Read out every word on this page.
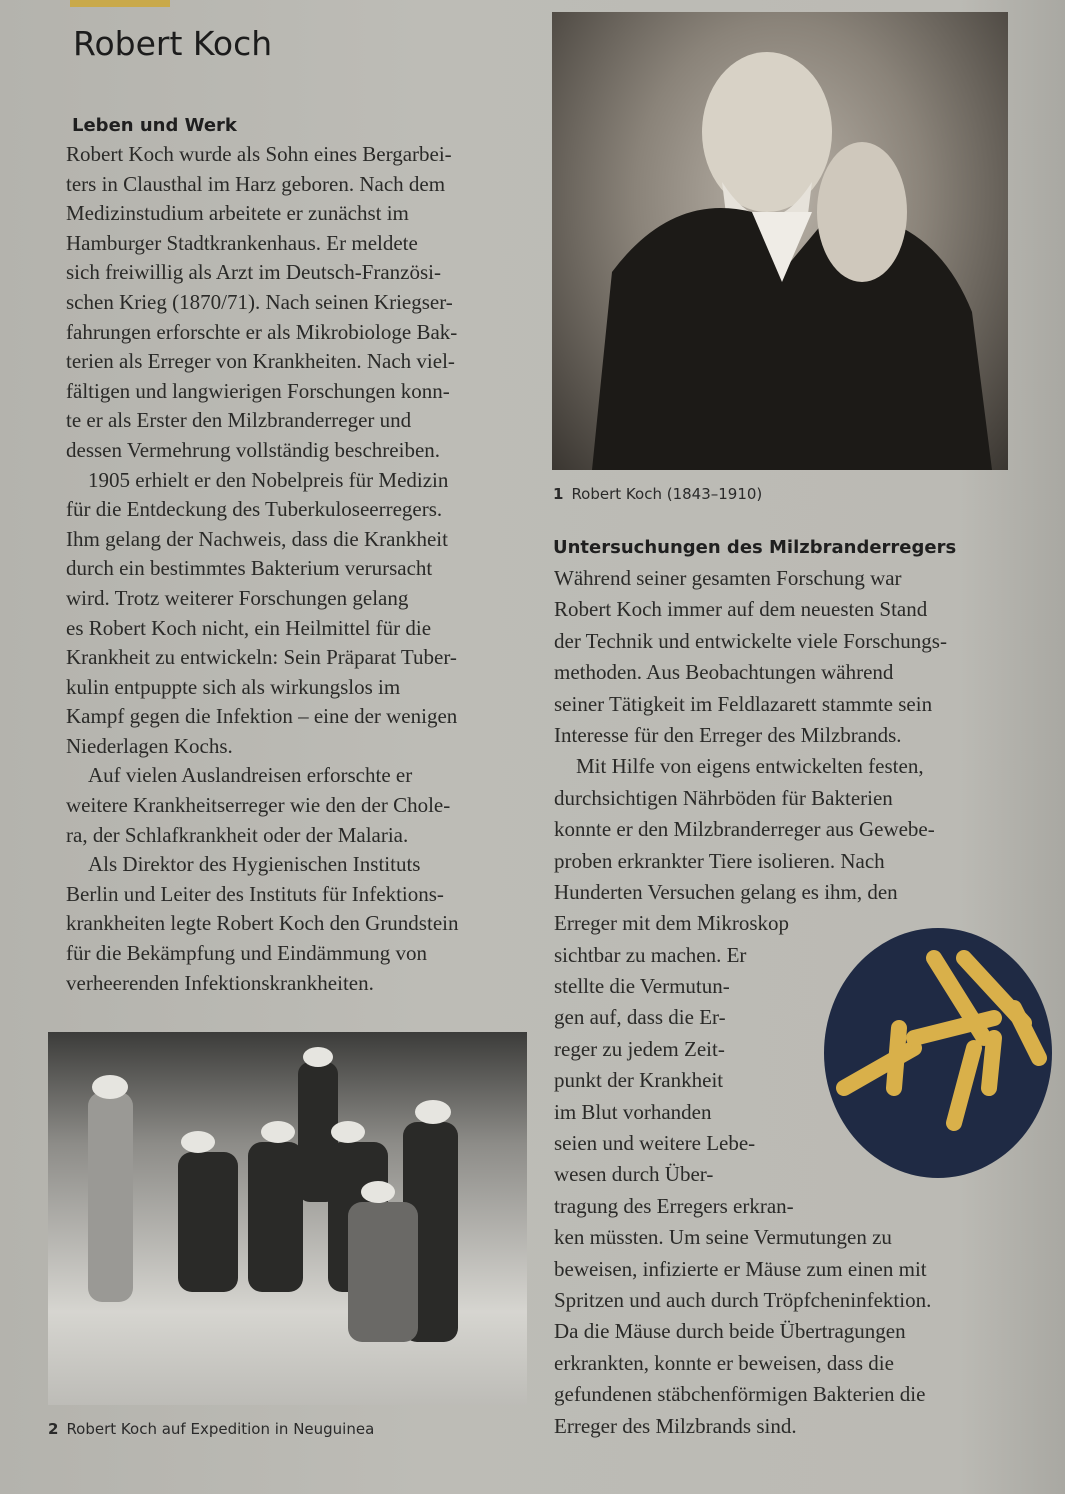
Robert Koch
Leben und Werk
Robert Koch wurde als Sohn eines Bergarbei-
ters in Clausthal im Harz geboren. Nach dem
Medizinstudium arbeitete er zunächst im
Hamburger Stadtkrankenhaus. Er meldete
sich freiwillig als Arzt im Deutsch-Französi-
schen Krieg (1870/71). Nach seinen Kriegser-
fahrungen erforschte er als Mikrobiologe Bak-
terien als Erreger von Krankheiten. Nach viel-
fältigen und langwierigen Forschungen konn-
te er als Erster den Milzbranderreger und
dessen Vermehrung vollständig beschreiben.
1905 erhielt er den Nobelpreis für Medizin
für die Entdeckung des Tuberkuloseerregers.
Ihm gelang der Nachweis, dass die Krankheit
durch ein bestimmtes Bakterium verursacht
wird. Trotz weiterer Forschungen gelang
es Robert Koch nicht, ein Heilmittel für die
Krankheit zu entwickeln: Sein Präparat Tuber-
kulin entpuppte sich als wirkungslos im
Kampf gegen die Infektion – eine der wenigen
Niederlagen Kochs.
Auf vielen Auslandreisen erforschte er
weitere Krankheitserreger wie den der Chole-
ra, der Schlafkrankheit oder der Malaria.
Als Direktor des Hygienischen Instituts
Berlin und Leiter des Instituts für Infektions-
krankheiten legte Robert Koch den Grundstein
für die Bekämpfung und Eindämmung von
verheerenden Infektionskrankheiten.
1 Robert Koch (1843–1910)
Untersuchungen des Milzbranderregers
Während seiner gesamten Forschung war
Robert Koch immer auf dem neuesten Stand
der Technik und entwickelte viele Forschungs-
methoden. Aus Beobachtungen während
seiner Tätigkeit im Feldlazarett stammte sein
Interesse für den Erreger des Milzbrands.
Mit Hilfe von eigens entwickelten festen,
durchsichtigen Nährböden für Bakterien
konnte er den Milzbranderreger aus Gewebe-
proben erkrankter Tiere isolieren. Nach
Hunderten Versuchen gelang es ihm, den
Erreger mit dem Mikroskop
sichtbar zu machen. Er
stellte die Vermutun-
gen auf, dass die Er-
reger zu jedem Zeit-
punkt der Krankheit
im Blut vorhanden
seien und weitere Lebe-
wesen durch Über-
tragung des Erregers erkran-
ken müssten. Um seine Vermutungen zu
beweisen, infizierte er Mäuse zum einen mit
Spritzen und auch durch Tröpfcheninfektion.
Da die Mäuse durch beide Übertragungen
erkrankten, konnte er beweisen, dass die
gefundenen stäbchenförmigen Bakterien die
Erreger des Milzbrands sind.
2 Robert Koch auf Expedition in Neuguinea
